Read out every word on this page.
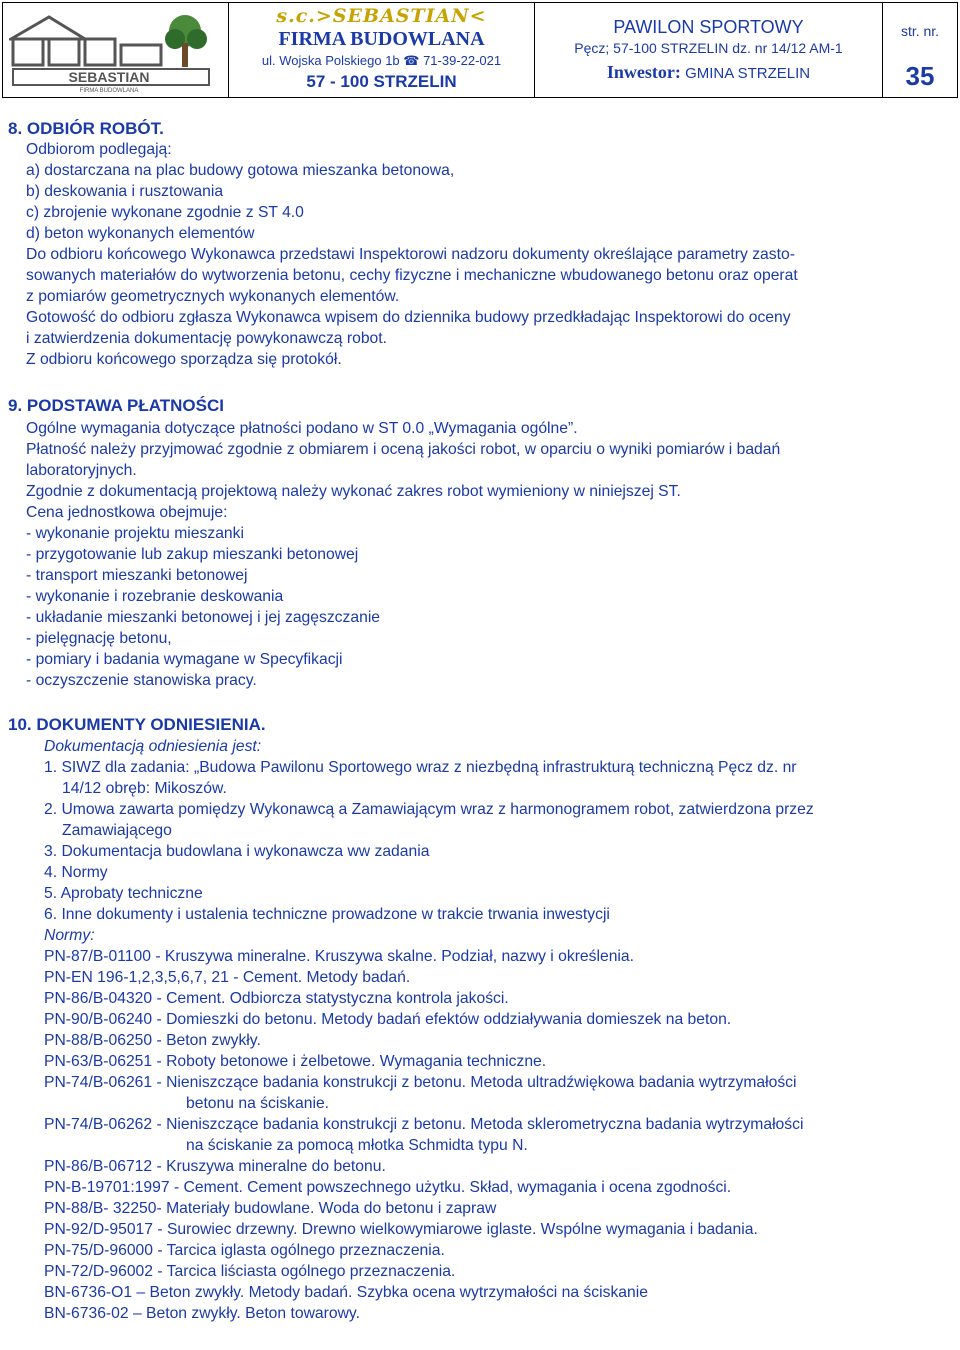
SEBASTIAN
FIRMA BUDOWLANA
s.c.>SEBASTIAN<
FIRMA BUDOWLANA
ul. Wojska Polskiego 1b ☎ 71-39-22-021
57 - 100 STRZELIN
PAWILON SPORTOWY
Pęcz; 57-100 STRZELIN dz. nr 14/12 AM-1
Inwestor: GMINA STRZELIN
str. nr.
35
8. ODBIÓR ROBÓT.
Odbiorom podlegają:
a) dostarczana na plac budowy gotowa mieszanka betonowa,
b) deskowania i rusztowania
c) zbrojenie wykonane zgodnie z ST 4.0
d) beton wykonanych elementów
Do odbioru końcowego Wykonawca przedstawi Inspektorowi nadzoru dokumenty określające parametry zasto-
sowanych materiałów do wytworzenia betonu, cechy fizyczne i mechaniczne wbudowanego betonu oraz operat
z pomiarów geometrycznych wykonanych elementów.
Gotowość do odbioru zgłasza Wykonawca wpisem do dziennika budowy przedkładając Inspektorowi do oceny
i zatwierdzenia dokumentację powykonawczą robot.
Z odbioru końcowego sporządza się protokół.
9. PODSTAWA PŁATNOŚCI
Ogólne wymagania dotyczące płatności podano w ST 0.0 „Wymagania ogólne”.
Płatność należy przyjmować zgodnie z obmiarem i oceną jakości robot, w oparciu o wyniki pomiarów i badań
laboratoryjnych.
Zgodnie z dokumentacją projektową należy wykonać zakres robot wymieniony w niniejszej ST.
Cena jednostkowa obejmuje:
- wykonanie projektu mieszanki
- przygotowanie lub zakup mieszanki betonowej
- transport mieszanki betonowej
- wykonanie i rozebranie deskowania
- układanie mieszanki betonowej i jej zagęszczanie
- pielęgnację betonu,
- pomiary i badania wymagane w Specyfikacji
- oczyszczenie stanowiska pracy.
10. DOKUMENTY ODNIESIENIA.
Dokumentacją odniesienia jest:
1. SIWZ dla zadania: „Budowa Pawilonu Sportowego wraz z niezbędną infrastrukturą techniczną Pęcz dz. nr
14/12 obręb: Mikoszów.
2. Umowa zawarta pomiędzy Wykonawcą a Zamawiającym wraz z harmonogramem robot, zatwierdzona przez
Zamawiającego
3. Dokumentacja budowlana i wykonawcza ww zadania
4. Normy
5. Aprobaty techniczne
6. Inne dokumenty i ustalenia techniczne prowadzone w trakcie trwania inwestycji
Normy:
PN-87/B-01100 - Kruszywa mineralne. Kruszywa skalne. Podział, nazwy i określenia.
PN-EN 196-1,2,3,5,6,7, 21 - Cement. Metody badań.
PN-86/B-04320 - Cement. Odbiorcza statystyczna kontrola jakości.
PN-90/B-06240 - Domieszki do betonu. Metody badań efektów oddziaływania domieszek na beton.
PN-88/B-06250 - Beton zwykły.
PN-63/B-06251 - Roboty betonowe i żelbetowe. Wymagania techniczne.
PN-74/B-06261 - Nieniszczące badania konstrukcji z betonu. Metoda ultradźwiękowa badania wytrzymałości
betonu na ściskanie.
PN-74/B-06262 - Nieniszczące badania konstrukcji z betonu. Metoda sklerometryczna badania wytrzymałości
na ściskanie za pomocą młotka Schmidta typu N.
PN-86/B-06712 - Kruszywa mineralne do betonu.
PN-B-19701:1997 - Cement. Cement powszechnego użytku. Skład, wymagania i ocena zgodności.
PN-88/B- 32250- Materiały budowlane. Woda do betonu i zapraw
PN-92/D-95017 - Surowiec drzewny. Drewno wielkowymiarowe iglaste. Wspólne wymagania i badania.
PN-75/D-96000 - Tarcica iglasta ogólnego przeznaczenia.
PN-72/D-96002 - Tarcica liściasta ogólnego przeznaczenia.
BN-6736-O1 – Beton zwykły. Metody badań. Szybka ocena wytrzymałości na ściskanie
BN-6736-02 – Beton zwykły. Beton towarowy.
